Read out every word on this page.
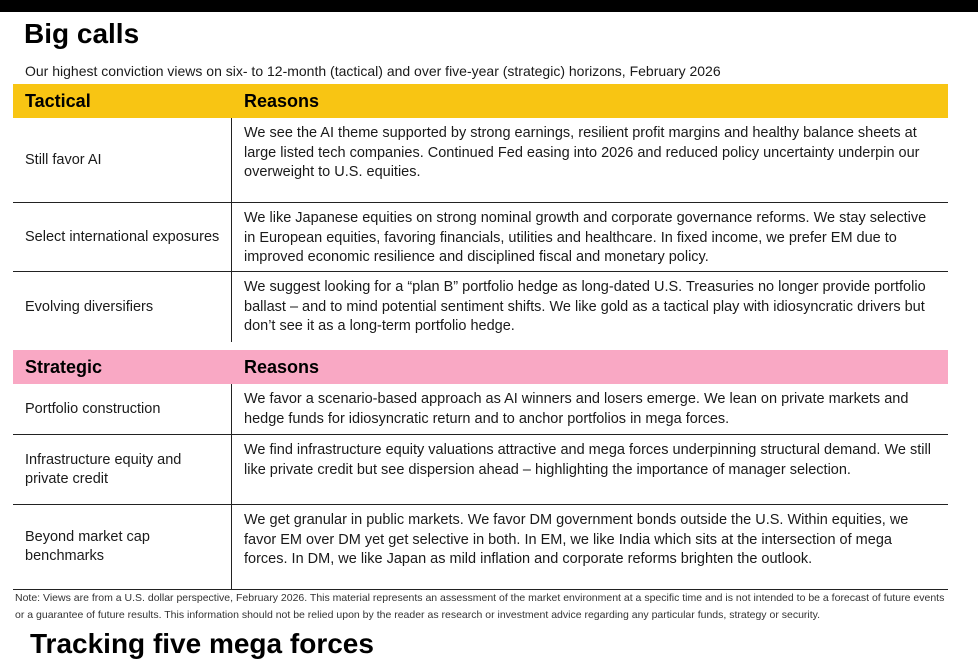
Big calls
Our highest conviction views on six- to 12-month (tactical) and over five-year (strategic) horizons, February 2026
Tactical	Reasons
Still favor AI
We see the AI theme supported by strong earnings, resilient profit margins and healthy balance sheets at large listed tech companies. Continued Fed easing into 2026 and reduced policy uncertainty underpin our overweight to U.S. equities.
Select international exposures
We like Japanese equities on strong nominal growth and corporate governance reforms. We stay selective in European equities, favoring financials, utilities and healthcare. In fixed income, we prefer EM due to improved economic resilience and disciplined fiscal and monetary policy.
Evolving diversifiers
We suggest looking for a “plan B” portfolio hedge as long-dated U.S. Treasuries no longer provide portfolio ballast – and to mind potential sentiment shifts. We like gold as a tactical play with idiosyncratic drivers but don’t see it as a long-term portfolio hedge.
Strategic	Reasons
Portfolio construction
We favor a scenario-based approach as AI winners and losers emerge. We lean on private markets and hedge funds for idiosyncratic return and to anchor portfolios in mega forces.
Infrastructure equity and private credit
We find infrastructure equity valuations attractive and mega forces underpinning structural demand. We still like private credit but see dispersion ahead – highlighting the importance of manager selection.
Beyond market cap benchmarks
We get granular in public markets. We favor DM government bonds outside the U.S. Within equities, we favor EM over DM yet get selective in both. In EM, we like India which sits at the intersection of mega forces. In DM, we like Japan as mild inflation and corporate reforms brighten the outlook.
Note: Views are from a U.S. dollar perspective, February 2026. This material represents an assessment of the market environment at a specific time and is not intended to be a forecast of future events or a guarantee of future results. This information should not be relied upon by the reader as research or investment advice regarding any particular funds, strategy or security.
Tracking five mega forces
